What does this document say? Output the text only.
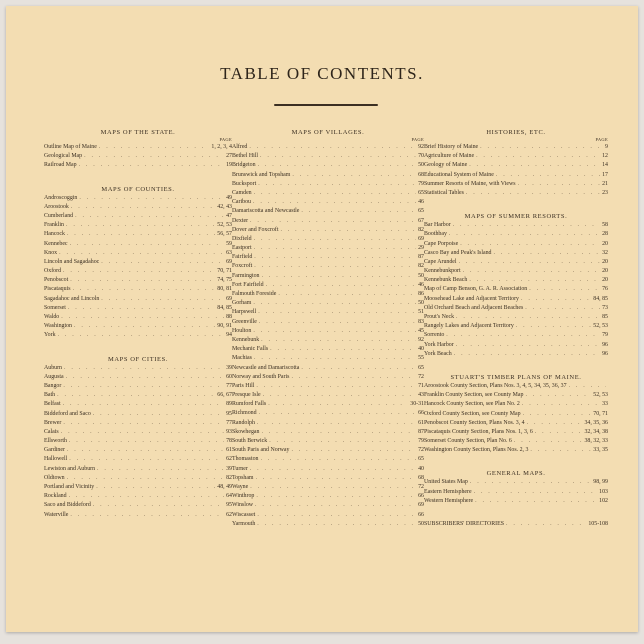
TABLE OF CONTENTS.
MAPS OF THE STATE.
PAGE
Outline Map of Maine . . .	1, 2, 3, 4
Geological Map . . .	27
Railroad Map . . .	19
MAPS OF COUNTIES.
Androscoggin . . .	49
Aroostook . . .	42, 43
Cumberland . . .	47
Franklin . . .	52, 53
Hancock . . .	56, 57
Kennebec . . .	59
Knox . . .	63
Lincoln and Sagadahoc . . .	69
Oxford . . .	70, 71
Penobscot . . .	74, 75
Piscataquis . . .	80, 81
Sagadahoc and Lincoln . . .	69
Somerset . . .	84, 85
Waldo . . .	88
Washington . . .	90, 91
York . . .	94
MAPS OF CITIES.
Auburn . . .	39
Augusta . . .	60
Bangor . . .	77
Bath . . .	66, 67
Belfast . . .	89
Biddeford and Saco . . .	95
Brewer . . .	77
Calais . . .	93
Ellsworth . . .	78
Gardiner . . .	61
Hallowell . . .	62
Lewiston and Auburn . . .	39
Oldtown . . .	82
Portland and Vicinity . . .	48, 49
Rockland . . .	64
Saco and Biddeford . . .	95
Waterville . . .	62
MAPS OF VILLAGES.
PAGE
Alfred . . .	92
Bethel Hill . . .	70
Bridgeton . . .	50
Brunswick and Topsham . . .	68
Bucksport . . .	79
Camden . . .	65
Caribou . . .	46
Damariscotta and Newcastle . . .	65
Dexter . . .	67
Dover and Foxcroft . . .	82
Dixfield . . .	69
Eastport . . .	29
Fairfield . . .	87
Foxcroft . . .	82
Farmington . . .	50
Fort Fairfield . . .	46
Falmouth Foreside . . .	86
Gorham . . .	50
Harpswell . . .	51
Greenville . . .	83
Houlton . . .	45
Kennebunk . . .	92
Mechanic Falls . . .	40
Machias . . .	55
Newcastle and Damariscotta . . .	65
Norway and South Paris . . .	72
Paris Hill . . .	71
Presque Isle . . .	43
Rumford Falls . . .	30-31
Richmond . . .	66
Randolph . . .	61
Skowhegan . . .	87
South Berwick . . .	79
South Paris and Norway . . .	72
Thomaston . . .	65
Turner . . .	40
Topsham . . .	68
Wayne . . .	72
Winthrop . . .	66
Winslow . . .	69
Wiscasset . . .	66
Yarmouth . . .	50
HISTORIES, ETC.
PAGE
Brief History of Maine . . .	9
Agriculture of Maine . . .	12
Geology of Maine . . .	14
Educational System of Maine . . .	17
Summer Resorts of Maine, with Views . . .	21
Statistical Tables . . .	23
MAPS OF SUMMER RESORTS.
Bar Harbor . . .	58
Boothbay . . .	28
Cape Porpoise . . .	20
Casco Bay and Peak's Island . . .	32
Cape Arundel . . .	20
Kennebunkport . . .	20
Kennebunk Beach . . .	20
Map of Camp Benson, G. A. R. Association . . .	76
Moosehead Lake and Adjacent Territory . . .	84, 85
Old Orchard Beach and Adjacent Beaches . . .	73
Prout's Neck . . .	85
Rangely Lakes and Adjacent Territory . . .	52, 53
Sorrento . . .	79
York Harbor . . .	96
York Beach . . .	96
STUART'S TIMBER PLANS OF MAINE.
Aroostook County Section, Plans Nos. 3, 4, 5, 34, 35, 36, 37
. . .
Franklin County Section, see County Map . . .	52, 53
Hancock County Section, see Plan No. 2 . . .	33
Oxford County Section, see County Map . . .	70, 71
Penobscot County Section, Plans Nos. 3, 4 . . .	34, 35, 36
Piscataquis County Section, Plans Nos. 1, 3, 6 . . .	32, 34, 38
Somerset County Section, Plan No. 6 . . .	38, 32, 33
Washington County Section, Plans Nos. 2, 3 . . .	33, 35
GENERAL MAPS.
United States Map . . .	98, 99
Eastern Hemisphere . . .	103
Western Hemisphere . . .	102
SUBSCRIBERS' DIRECTORIES . . .	105-108
